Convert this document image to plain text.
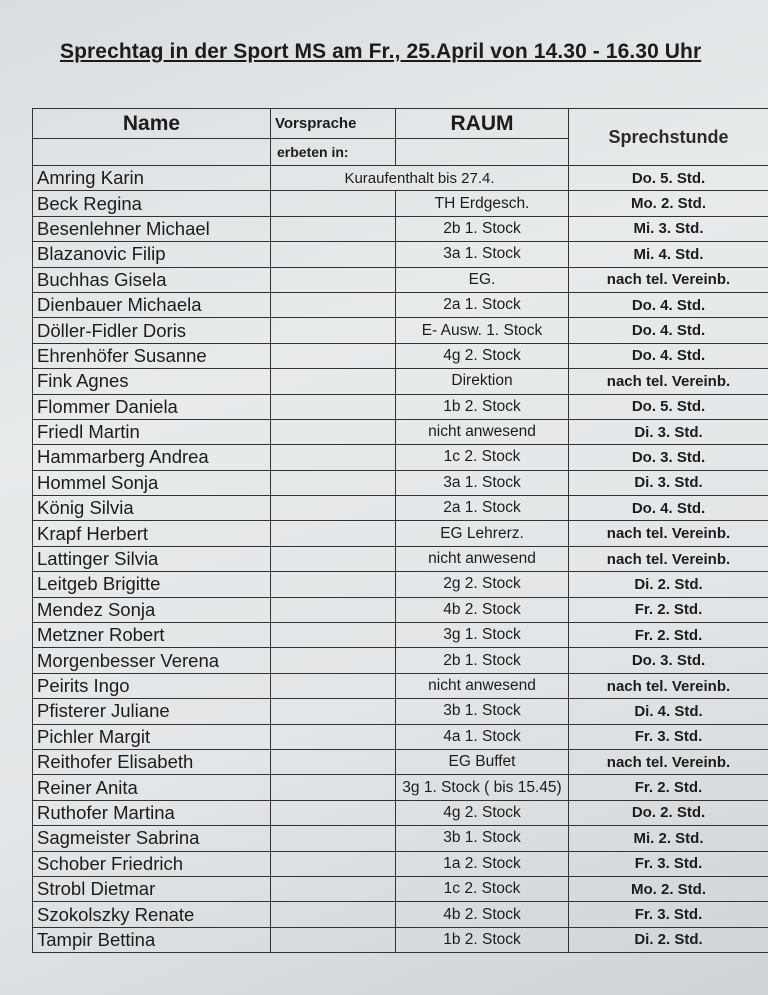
Sprechtag in der Sport MS am Fr., 25.April von 14.30 - 16.30 Uhr
Name	Vorsprache	RAUM	Sprechstunde
	erbeten in:		
Amring Karin	Kuraufenthalt bis 27.4.		Do. 5. Std.
Beck Regina		TH Erdgesch.	Mo. 2. Std.
Besenlehner Michael		2b 1. Stock	Mi. 3. Std.
Blazanovic Filip		3a 1. Stock	Mi. 4. Std.
Buchhas Gisela		EG.	nach tel. Vereinb.
Dienbauer Michaela		2a 1. Stock	Do. 4. Std.
Döller-Fidler Doris		E- Ausw. 1. Stock	Do. 4. Std.
Ehrenhöfer Susanne		4g 2. Stock	Do. 4. Std.
Fink Agnes		Direktion	nach tel. Vereinb.
Flommer Daniela		1b 2. Stock	Do. 5. Std.
Friedl Martin		nicht anwesend	Di. 3. Std.
Hammarberg Andrea		1c 2. Stock	Do. 3. Std.
Hommel Sonja		3a 1. Stock	Di. 3. Std.
König Silvia		2a 1. Stock	Do. 4. Std.
Krapf Herbert		EG Lehrerz.	nach tel. Vereinb.
Lattinger Silvia		nicht anwesend	nach tel. Vereinb.
Leitgeb Brigitte		2g 2. Stock	Di. 2. Std.
Mendez Sonja		4b 2. Stock	Fr. 2. Std.
Metzner Robert		3g 1. Stock	Fr. 2. Std.
Morgenbesser Verena		2b 1. Stock	Do. 3. Std.
Peirits Ingo		nicht anwesend	nach tel. Vereinb.
Pfisterer Juliane		3b 1. Stock	Di. 4. Std.
Pichler Margit		4a 1. Stock	Fr. 3. Std.
Reithofer Elisabeth		EG Buffet	nach tel. Vereinb.
Reiner Anita		3g 1. Stock ( bis 15.45)	Fr. 2. Std.
Ruthofer Martina		4g 2. Stock	Do. 2. Std.
Sagmeister Sabrina		3b 1. Stock	Mi. 2. Std.
Schober Friedrich		1a 2. Stock	Fr. 3. Std.
Strobl Dietmar		1c 2. Stock	Mo. 2. Std.
Szokolszky Renate		4b 2. Stock	Fr. 3. Std.
Tampir Bettina		1b 2. Stock	Di. 2. Std.
